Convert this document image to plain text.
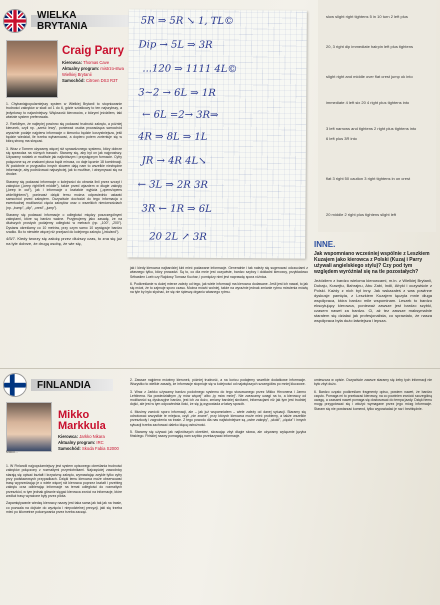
WIELKA BRYTANIA
Craig Parry
Kierowca: Thomas Cave
Aktualny program: mistrzo-stwa Wielkiej Brytanii
Samochód: Citroen DS3 R3T

1. Chybaniajpopularniejszy system w Wielkiej Brytanii to stopniowanie trudności zakrętów w skali od 1 do 6, gdzie szóstkowy to ten najszybszy, a jedynkowy to najwolniejszy. Większość kierowców, z którymi jeździłem, taki właśnie system preferowała.

2. Rzeklbym, że najlepiej powinno się podawać trudność zakrętu, a później kierunek, czyli np. „sześć lewy”, ponieważ osoba prowadząca samochód wyraźnie podaje najpierw informacje o kierunku będzie korzystniejsza, jeśli będzie wiedział, ile trzeba wyhamować, a dopiero potem zorientuje się w którą stronę ma skręcać.

3. Wraz z Tomem używamy więcej niż sprawdzonego systemu, który dobrze się sprawdza na różnych trasach. Staramy się, aby był on jak najprostszy. Używamy notatek w możliwie jak najkrótszym i przystępnym formacie. Cyfry połączone są ze znakami plusa bądź minusa, co daje łącznie 18 kombinacji. W podobnie w przypadku innych słowem dają nam to wszelkie niezbędne informacje, aby podróżować najszybciej, jak to możliwe, i utrzymywać się na drodze.

Staramy się podawać informacje o kolejności do obrania linii przez szczyt i zakrętów („keep right/left middle”), także przed wjazdem w długie zakręty („keep in out”), jak i informacje o kształcie wyjścia („opens/opens wide/tightens”), ponieważ dzięki temu można odpowiednio ustawić samochód przed zakrętem. Oczywiście dochodzi do tego informacja o ewentualnej możliwości cięcia zakrętów oraz o wszelkich nierównościach (np. „bump”, „dip”, „crest”, „jump”).

Staramy się podawać informacje o odległości między poszczególnymi zakrętami, które są bardzo ważne. Przyjmujemy jako zasadę, że na dłuższych prostych podajemy odległość w metrach (np. „100”, „200”). Dystans określamy co 10 metrów, przy czym samo 10 występuje bardzo rzadko. Bo to niewiele więcej niż przejazd do kolejnego zakrętu („into/and”).

4/5/7. Kiedy tworzy się założę przez dłuższy czas, to zna się już na tyle dobrze, że drugą osobę, że wie się,

5R ⇒ 5R ↘ 1, TL©
Dip → 5L ⇒ 3R
...120 ⇒ 1111 4L©
3~2 → 6L ⇒ 1R
← 6L =2→ 3R⇒
4R ⇒ 8L ⇒ 1L
JR → 4R 4L↘
← 3L ⇒ 2R 3R
3R ← 1R ⇒ 6L
20 2L ↗ 3R
slow slight right tightens 5 in 10 turn 2 left plus
20, 3 right dip immediate hairpin left plus tightens
slight right and middle over flat crest jump ok into
immediate 4 left six 20 4 right plus tightens into
3 left narrows and tightens 2 right plus tightens into
6 left plus 3R into
flat 3 right 50 caution 3 right tightens in on crest
20 middle 2 right plus tightens slight left

jak i kiedy kierowca najbardziej lubi mieć podawane informacje. Generalnie i tak należy się sugerować odczuciami z własnego tylku, który prowadzi. Są to, co dla mnie jest oczywiste, bardzo szybcy i dokładni kierowcy, przykładowo Sébastien Loeb czy Rajdowy Tomasz Kuchar, i pomiędzy nimi jest naprawdę spora różnica.

6. Podkreślanie w dużej mierze zależy od tego, jak wiele informacji ma kierowca dodawane. Jeśli jest ich nawał, to jak się mówi, że to zajmuje sporo czasu. Można mówić wolniej, także na wyraźnie jednak zmianie rytmu mówienia mówię na tyle by było słychać, że się nie śpieszę drganiu własnego rytmu.

INNE.
Jak wspomniano wcześniej wspólnie z Leszkiem Kuzajem jako kierowca z Polski (Kuzaj i Parry używali angielskiego stylu)? Czy pod tym względem wyróżniał się na tle pozostałych?
Jeździłem z bardzo wieloma kierowcami, m.in. z Wielkiej Brytanii, Dubaju, Kuwejtu, Bahrajnu, Abu Zabi, Indii, Afryki i oczywiście z Polski. Każdy z nich był inny. Jak wskazałeś z was powinne dyskusje pamięta, z Leszkiem Kuzajem łączyła mnie długa współpraca, która bardzo mile wspominam. Leszek to bardzo ekscytujący kierowca, ponieważ zawsze jest bardzo szybki, czasem nawet za bardzo. Ci, aż tez zawsze maksymalnie starałem się działać jak profesjonalista, co sprawiało, że nasza współpraca była dużo łatwiejsza i lepsza.
FINLANDIA
Mikko...
Mikko Markkula
Kierowca: Jarkko Nikara
Aktualny program: IRC
Samochód: Skoda Fabia S2000

1. W Finlandii najpopularniejszy jest system opisowego określania trudności zakrętów połączony z rozmaitymi przymiotnikami. Najczęściej zawodnicy starają się opisać kształt i krzywiznę zakrętu, wymawiając zwykle tylko cyfry przy podstawowych przypadkach. Dzięki temu kierowca może obserwować trasę wyprzedzając je o wiele więcej niż kierowca poprzez kształt i przebieg zakrętu oraz odbierając informacje na temat odległości do rozmaitych przeszkód, w tym jednak głównie sięgać kierowca zwróci na informacje, które wzdłuż trasy wyrażone były przez pilota.

Zapamiętywanie wiedzę kierowcy nazwy jest taka sama jak tak jak na trasie, co pozwala na dojście do wyzięcia i niepodzielnej precyzji, jaki się trzeba mieć po kilometrze pokonywania przez trzeba zacząć.

2. Zawsze najpierw mówimy kierunek, później trudność, a na końcu podajemy wszelkie dodatkowe informacje. Wszystko to wielkie zasady, że informacje stopniuje się w kolejności od największych szczegółów po mniej kluczowe.

3. Wraz z Jarkko używamy bardzo podobnego systemu do tego stosowanego przez Mikko Hirvonena i Jarmo Lehtinena. Na powiedziałbym „ty mów więcej” albo „ty mów mniej”. Nie zwracamy uwagi na to, a kierowcy od możliwości są dyskusyjne bardzo, jest ich za dużo, zmiany bardziej skrótami, informacjami niż jak tym jest trudniej dojść, ale jest w tym odpowiednia ilość, że się ją wypowiada w łatwy sposób.

4. Musimy zwrócić sporo informacji, ale – jak już wspomniałem – wiele zależy od danej sytuacji. Staramy się odnotować wszystkie te miejsca, czyli „nie znane”, przy których kierowca może mieć problemy, a także wszelkie przeszkody i zagrożenia na trasie. Z tego powodu dla nas najistotniejsze są „ostre zakręty”, „skoki”, „cięcia” i innych sytuacji trzeba zachować daleko idącą ostrożność.

5. Staramy się używać jak najkrótszych określeń, skracając zbyt długie słowa, ale używamy wyłącznie języka fińskiego. Fińskiej nazwy pomagają nam szybko przekazywać informacje.

umieszcza w opisie. Oczywiście zawsze staramy się żeby tych informacji nie było zbyt dużo.

6. Bardzo często podkreślam fragmenty opisu, powiem nawet, że bardzo często. Pomaga mi to przekazać kierowcy, na co powinien zwrócić szczególną uwagę, a czasami nawet pomaga się dostosować do tempa jazdy. Dzięki temu mogę przygotować się i włożyć wymagane przez jego mózg informacje. Staram się nie powtarzać komend, tylko wypowiadać je raz i bezbłędnie.
